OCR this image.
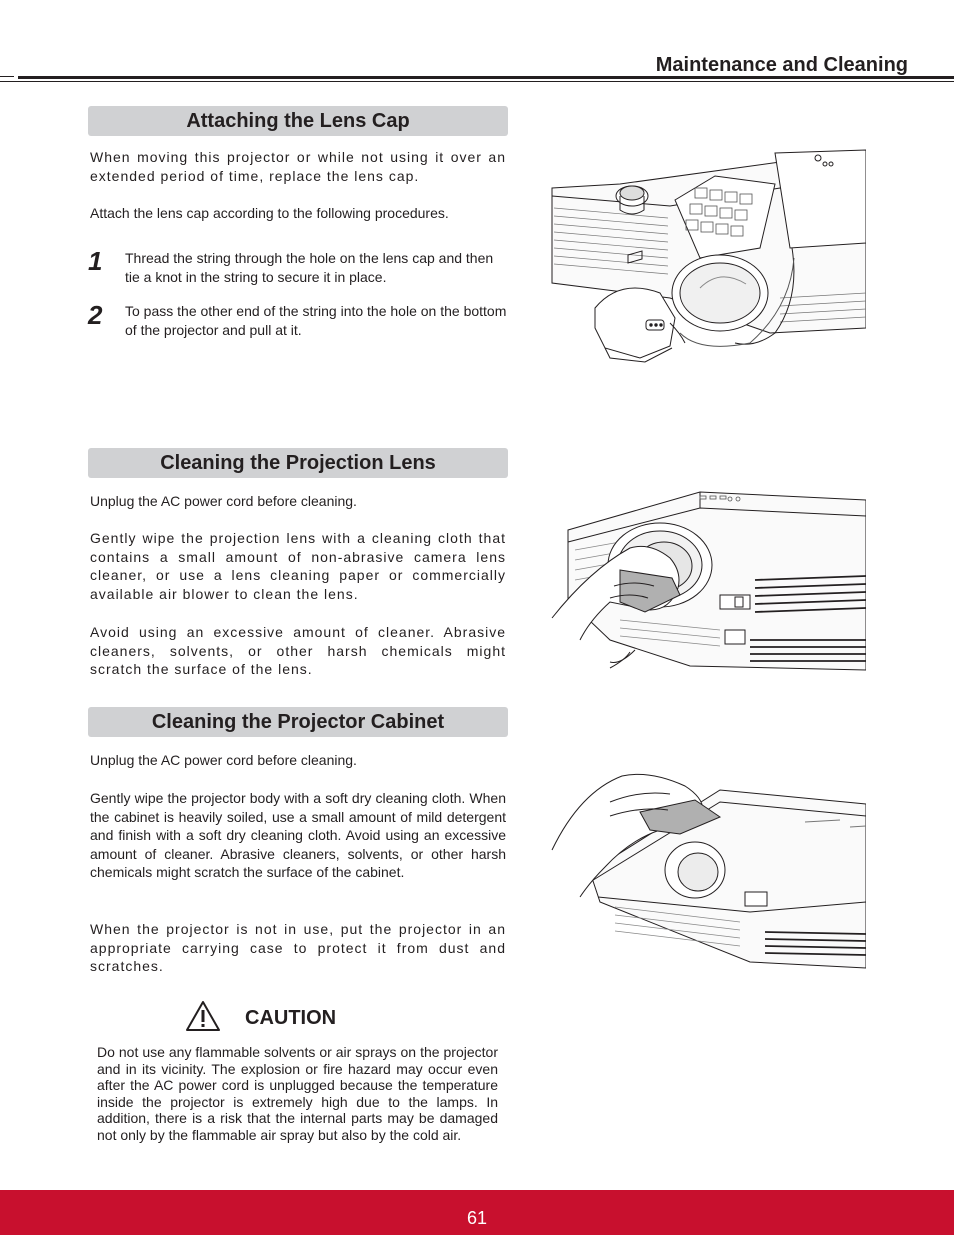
Maintenance and Cleaning
Attaching the Lens Cap

When moving this projector or while not using it over an extended period of time, replace the lens cap.

Attach the lens cap according to the following procedures.

1 Thread the string through the hole on the lens cap and then tie a knot in the string to secure it in place.

2 To pass the other end of the string into the hole on the bottom of the projector and pull at it.

Cleaning the Projection Lens

Unplug the AC power cord before cleaning.

Gently wipe the projection lens with a cleaning cloth that contains a small amount of non-abrasive camera lens cleaner, or use a lens cleaning paper or commercially available air blower to clean the lens.

Avoid using an excessive amount of cleaner. Abrasive cleaners, solvents, or other harsh chemicals might scratch the surface of the lens.

Cleaning the Projector Cabinet

Unplug the AC power cord before cleaning.

Gently wipe the projector body with a soft dry cleaning cloth. When the cabinet is heavily soiled, use a small amount of mild detergent and finish with a soft dry cleaning cloth. Avoid using an excessive amount of cleaner. Abrasive cleaners, solvents, or other harsh chemicals might scratch the surface of the cabinet.

When the projector is not in use, put the projector in an appropriate carrying case to protect it from dust and scratches.

CAUTION

Do not use any flammable solvents or air sprays on the projector and in its vicinity. The explosion or fire hazard may occur even after the AC power cord is unplugged because the temperature inside the projector is extremely high due to the lamps. In addition, there is a risk that the internal parts may be damaged not only by the flammable air spray but also by the cold air.

61
